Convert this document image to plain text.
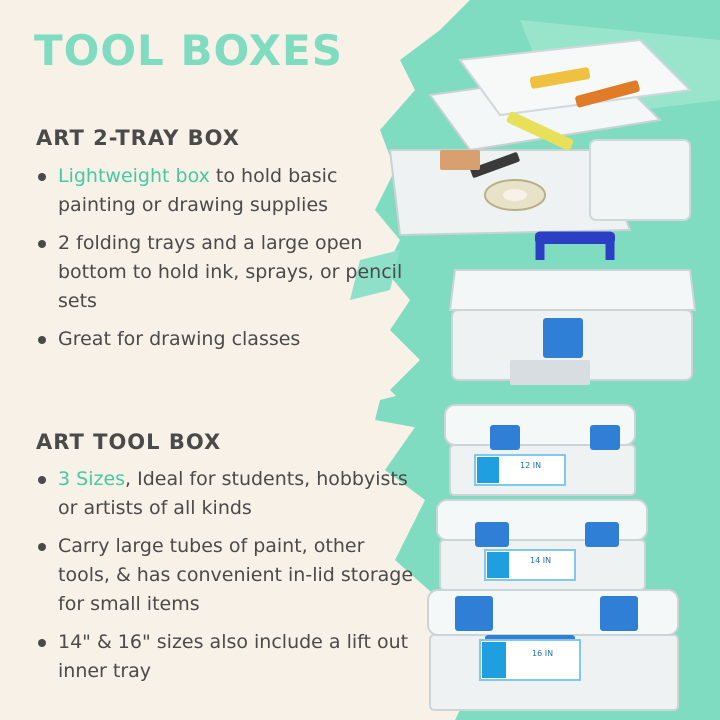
12 IN
14 IN
16 IN
TOOL BOXES
ART 2-TRAY BOX
Lightweight box to hold basic painting or drawing supplies
2 folding trays and a large open bottom to hold ink, sprays, or pencil sets
Great for drawing classes
ART TOOL BOX
3 Sizes, Ideal for students, hobbyists or artists of all kinds
Carry large tubes of paint, other tools, & has convenient in-lid storage for small items
14" & 16" sizes also include a lift out inner tray
